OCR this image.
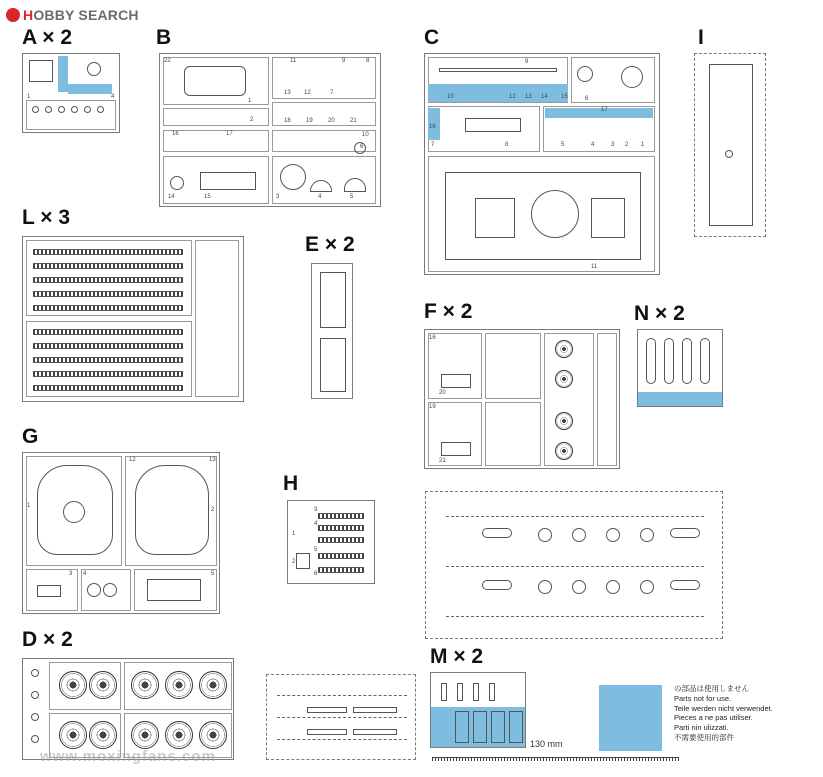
HOBBY SEARCH
A × 2	B	C	I
L × 3
E × 2
F × 2	N × 2
G
H
D × 2
M × 2
1	4
22	11	9	8
13 12	7
16	17
18	19	20	21
14	15	3	4	5
6
10
1
2
9
10
11
12 13 14 15
16
17
7	8
6
5	4	3 2 1
16
20
19
21
1
2
3 4	5
12	13
1
2
3
4
5
6
130 mm
の部品は使用しません
Parts not for use.
Teile werden nicht verwendet.
Pieces a ne pas utiliser.
Parti nin ulizzati.
不需要使用的部件
www.moxingfans.com
